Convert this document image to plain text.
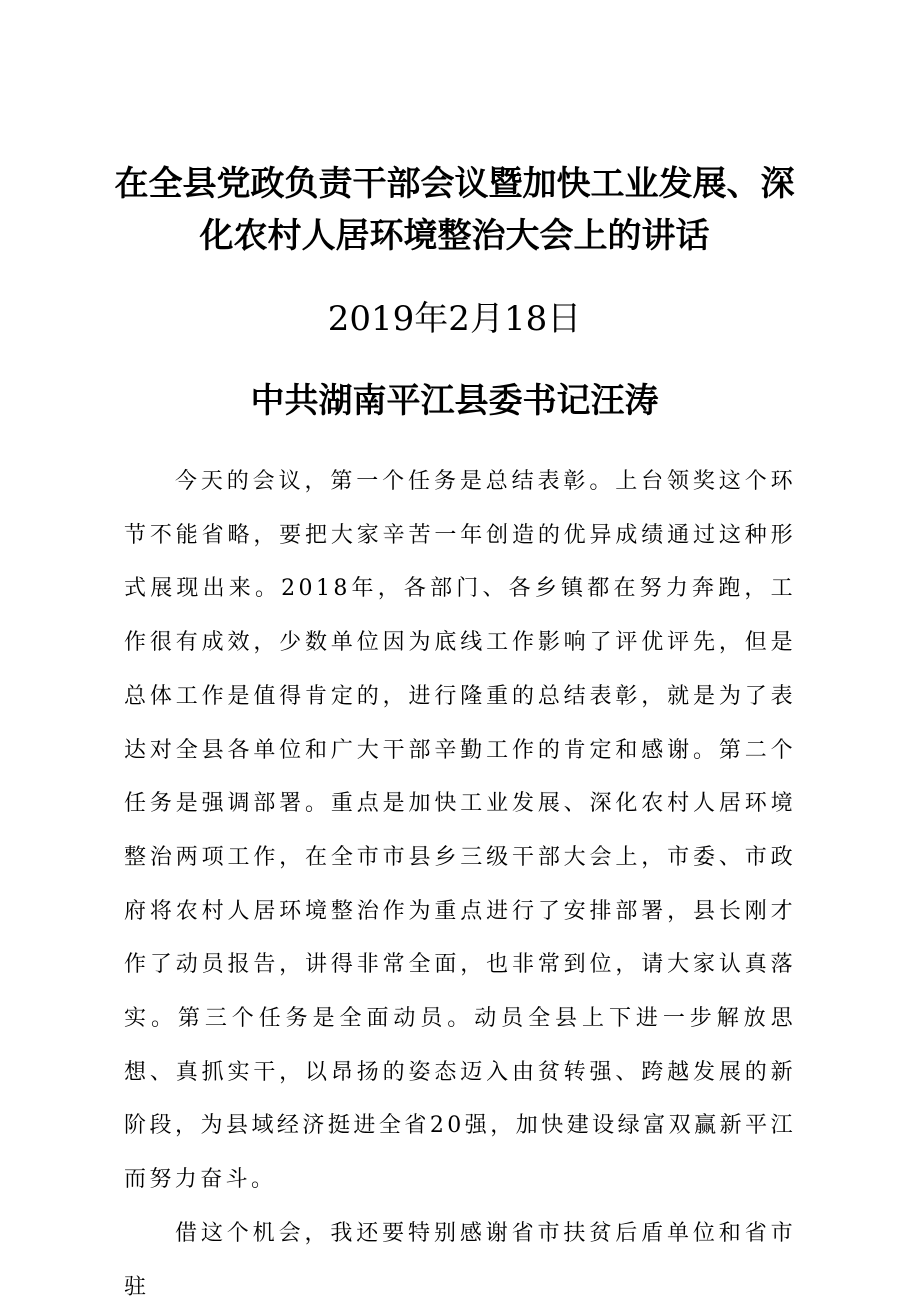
在全县党政负责干部会议暨加快工业发展、深化农村人居环境整治大会上的讲话

2019年2月18日

中共湖南平江县委书记汪涛

今天的会议，第一个任务是总结表彰。上台领奖这个环节不能省略，要把大家辛苦一年创造的优异成绩通过这种形式展现出来。2018年，各部门、各乡镇都在努力奔跑，工作很有成效，少数单位因为底线工作影响了评优评先，但是总体工作是值得肯定的，进行隆重的总结表彰，就是为了表达对全县各单位和广大干部辛勤工作的肯定和感谢。第二个任务是强调部署。重点是加快工业发展、深化农村人居环境整治两项工作，在全市市县乡三级干部大会上，市委、市政府将农村人居环境整治作为重点进行了安排部署，县长刚才作了动员报告，讲得非常全面，也非常到位，请大家认真落实。第三个任务是全面动员。动员全县上下进一步解放思想、真抓实干，以昂扬的姿态迈入由贫转强、跨越发展的新阶段，为县域经济挺进全省20强，加快建设绿富双赢新平江而努力奋斗。

借这个机会，我还要特别感谢省市扶贫后盾单位和省市驻
